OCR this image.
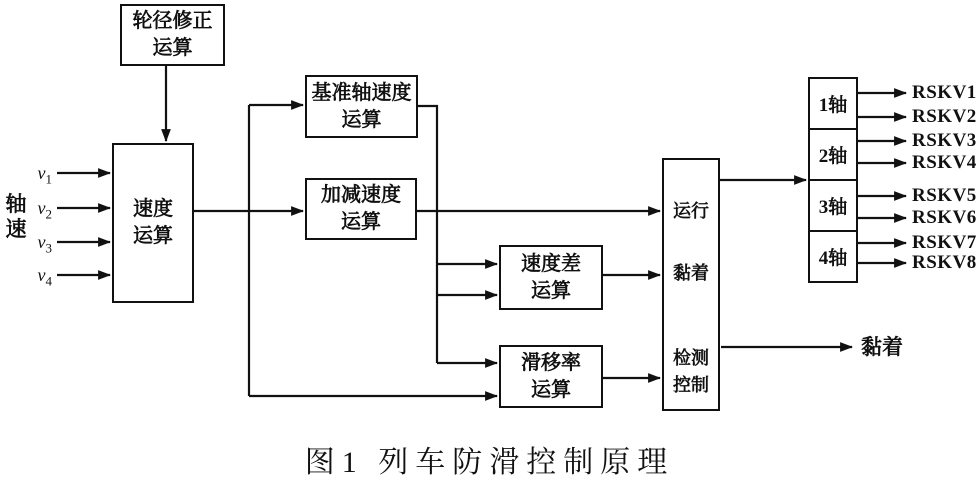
轴速
$v_1$
$v_2$
$v_3$
$v_4$
轮径修正
运算
速度
运算
基准轴速度
运算
加减速度
运算
速度差
运算
滑移率
运算
运行
黏着
检测
控制
1轴
2轴
3轴
4轴
RSKV1
RSKV2
RSKV3
RSKV4
RSKV5
RSKV6
RSKV7
RSKV8
黏着
图1 列车防滑控制原理
